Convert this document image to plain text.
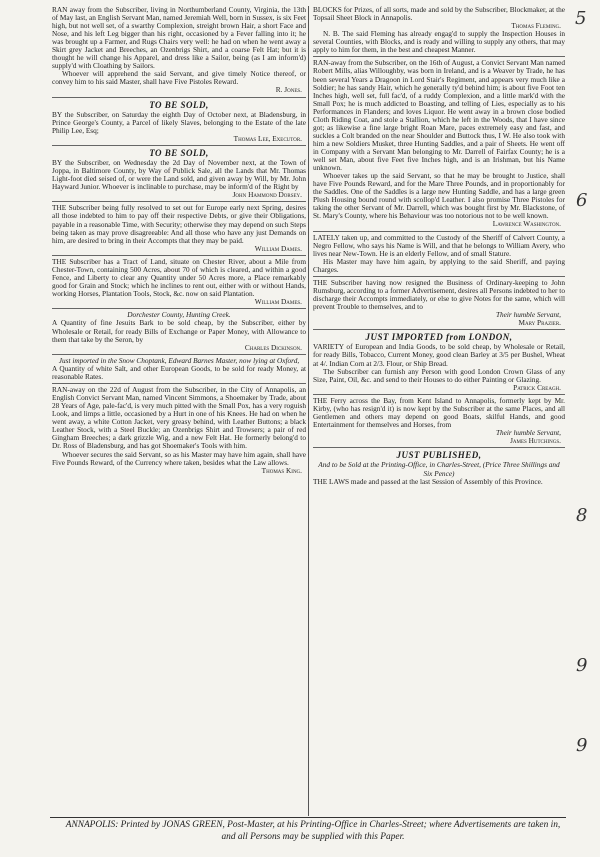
RAN away from the Subscriber, living in Northumberland County, Virginia, the 13th of May last, an English Servant Man, named Jeremiah Well, born in Sussex, is six Feet high, but not well set, of a swarthy Complexion, streight brown Hair, a short Face and Nose, and his left Leg bigger than his right, occasioned by a Fever falling into it; he was brought up a Farmer, and Rugs Chairs very well: he had on when he went away a Skirt grey Jacket and Breeches, an Ozenbrigs Shirt, and a coarse Felt Hat; but it is thought he will change his Apparel, and dress like a Sailor, being (as I am inform'd) supply'd with Cloathing by Sailors.

Whoever will apprehend the said Servant, and give timely Notice thereof, or convey him to his said Master, shall have Five Pistoles Reward.

R. Jones.
TO BE SOLD,

BY the Subscriber, on Saturday the eighth Day of October next, at Bladensburg, in Prince George's County, a Parcel of likely Slaves, belonging to the Estate of the late Philip Lee, Esq;

Thomas Lee, Executor.
TO BE SOLD,

BY the Subscriber, on Wednesday the 2d Day of November next, at the Town of Joppa, in Baltimore County, by Way of Publick Sale, all the Lands that Mr. Thomas Light-foot died seised of, or were the Land sold, and given away by Will, by Mr. John Hayward Junior. Whoever is inclinable to purchase, may be inform'd of the Right by

John Hammond Dorsey.

THE Subscriber being fully resolved to set out for Europe early next Spring, desires all those indebted to him to pay off their respective Debts, or give their Obligations, payable in a reasonable Time, with Security; otherwise they may depend on such Steps being taken as may prove disagreeable: And all those who have any just Demands on him, are desired to bring in their Accompts that they may be paid.

William Dames.

THE Subscriber has a Tract of Land, situate on Chester River, about a Mile from Chester-Town, containing 500 Acres, about 70 of which is cleared, and within a good Fence, and Liberty to clear any Quantity under 50 Acres more, a Place remarkably good for Grain and Stock; which he inclines to rent out, either with or without Hands, working Horses, Plantation Tools, Stock, &c. now on said Plantation.

William Dames.
Dorchester County, Hunting Creek.

A Quantity of fine Jesuits Bark to be sold cheap, by the Subscriber, either by Wholesale or Retail, for ready Bills of Exchange or Paper Money, with Allowance to them that take by the Seron, by

Charles Dickinson.
Just imported in the Snow Choptank, Edward Barnes Master, now lying at Oxford,

A Quantity of white Salt, and other European Goods, to be sold for ready Money, at reasonable Rates.

RAN-away on the 22d of August from the Subscriber, in the City of Annapolis, an English Convict Servant Man, named Vincent Simmons, a Shoemaker by Trade, about 28 Years of Age, pale-fac'd, is very much pitted with the Small Pox, has a very roguish Look, and limps a little, occasioned by a Hurt in one of his Knees. He had on when he went away, a white Cotton Jacket, very greasy behind, with Leather Buttons; a black Leather Stock, with a Steel Buckle; an Ozenbrigs Shirt and Trowsers; a pair of red Gingham Breeches; a dark grizzle Wig, and a new Felt Hat. He formerly belong'd to Dr. Ross of Bladensburg, and has got Shoemaker's Tools with him.

Whoever secures the said Servant, so as his Master may have him again, shall have Five Pounds Reward, of the Currency where taken, besides what the Law allows.

Thomas King.

BLOCKS for Prizes, of all sorts, made and sold by the Subscriber, Blockmaker, at the Topsail Sheet Block in Annapolis.

Thomas Fleming.

N. B. The said Fleming has already engag'd to supply the Inspection Houses in several Counties, with Blocks, and is ready and willing to supply any others, that may apply to him for them, in the best and cheapest Manner.

RAN-away from the Subscriber, on the 16th of August, a Convict Servant Man named Robert Mills, alias Willoughby, was born in Ireland, and is a Weaver by Trade, he has been several Years a Dragoon in Lord Stair's Regiment, and appears very much like a Soldier; he has sandy Hair, which he generally ty'd behind him; is about five Foot ten Inches high, well set, full fac'd, of a ruddy Complexion, and a little mark'd with the Small Pox; he is much addicted to Boasting, and telling of Lies, especially as to his Performances in Flanders; and loves Liquor. He went away in a brown close bodied Cloth Riding Coat, and stole a Stallion, which he left in the Woods, that I have since got; as likewise a fine large bright Roan Mare, paces extremely easy and fast, and suckles a Colt branded on the near Shoulder and Buttock thus, I W. He also took with him a new Soldiers Musket, three Hunting Saddles, and a pair of Sheets. He went off in Company with a Servant Man belonging to Mr. Darrell of Fairfax County; he is a well set Man, about five Feet five Inches high, and is an Irishman, but his Name unknown.

Whoever takes up the said Servant, so that he may be brought to Justice, shall have Five Pounds Reward, and for the Mare Three Pounds, and in proportionably for the Saddles. One of the Saddles is a large new Hunting Saddle, and has a large green Plush Housing bound round with scollop'd Leather. I also promise Three Pistoles for taking the other Servant of Mr. Darrell, which was bought first by Mr. Blackstone, of St. Mary's County, where his Behaviour was too notorious not to be well known.

Lawrence Washington.

LATELY taken up, and committed to the Custody of the Sheriff of Calvert County, a Negro Fellow, who says his Name is Will, and that he belongs to William Avery, who lives near New-Town. He is an elderly Fellow, and of small Stature.

His Master may have him again, by applying to the said Sheriff, and paying Charges.

THE Subscriber having now resigned the Business of Ordinary-keeping to John Rumsburg, according to a former Advertisement, desires all Persons indebted to her to discharge their Accompts immediately, or else to give Notes for the same, which will prevent Trouble to themselves, and to

Their humble Servant,
Mary Prazier.
JUST IMPORTED from LONDON,

VARIETY of European and India Goods, to be sold cheap, by Wholesale or Retail, for ready Bills, Tobacco, Current Money, good clean Barley at 3/5 per Bushel, Wheat at 4/. Indian Corn at 2/3. Flour, or Ship Bread.

The Subscriber can furnish any Person with good London Crown Glass of any Size, Paint, Oil, &c. and send to their Houses to do either Painting or Glazing.

Patrick Creagh.

THE Ferry across the Bay, from Kent Island to Annapolis, formerly kept by Mr. Kirby, (who has resign'd it) is now kept by the Subscriber at the same Places, and all Gentlemen and others may depend on good Boats, skilful Hands, and good Entertainment for themselves and Horses, from

Their humble Servant,
James Hutchings.
JUST PUBLISHED,
And to be Sold at the Printing-Office, in Charles-Street, (Price Three Shillings and Six Pence)

THE LAWS made and passed at the last Session of Assembly of this Province.

ANNAPOLIS: Printed by JONAS GREEN, Post-Master, at his Printing-Office in Charles-Street; where Advertisements are taken in, and all Persons may be supplied with this Paper.
5
6
8
9
9
